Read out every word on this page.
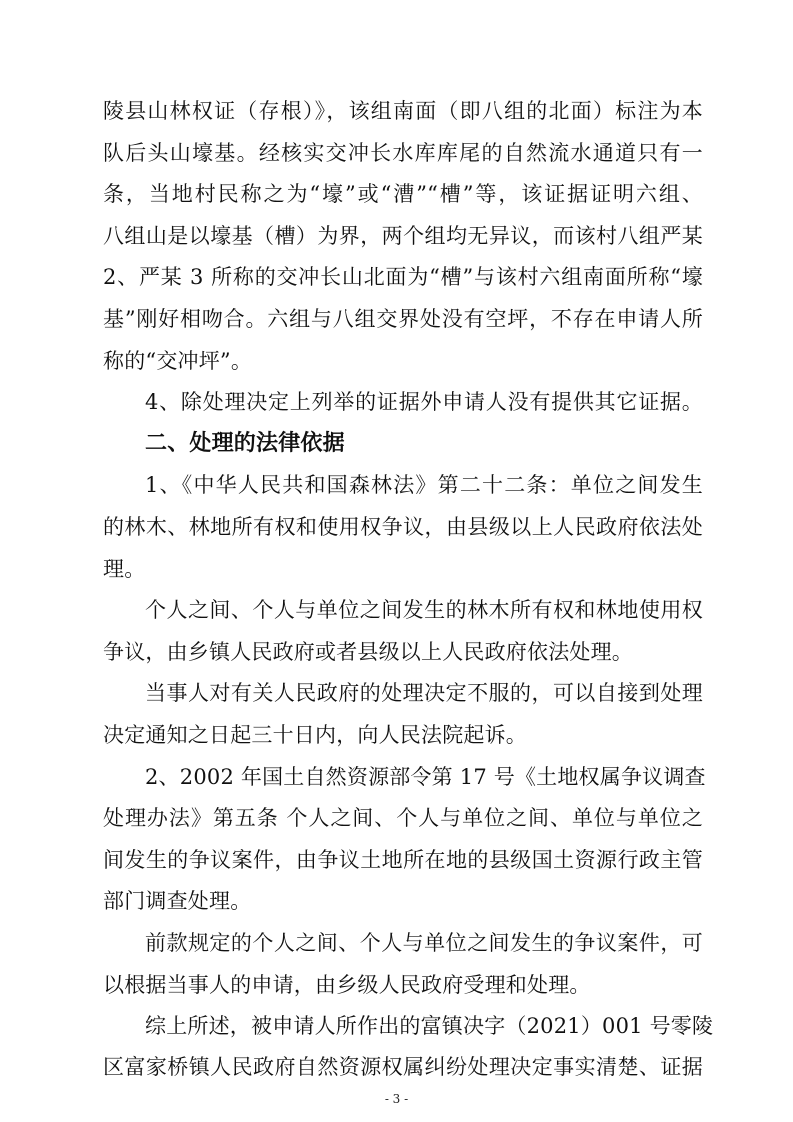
陵县山林权证（存根）》，该组南面（即八组的北面）标注为本
队后头山壕基。经核实交冲长水库库尾的自然流水通道只有一
条，当地村民称之为“壕”或“漕”“槽”等，该证据证明六组、
八组山是以壕基（槽）为界，两个组均无异议，而该村八组严某
2、严某 3 所称的交冲长山北面为“槽”与该村六组南面所称“壕
基”刚好相吻合。六组与八组交界处没有空坪，不存在申请人所
称的“交冲坪”。
4、除处理决定上列举的证据外申请人没有提供其它证据。
二、处理的法律依据
1、《中华人民共和国森林法》第二十二条：单位之间发生
的林木、林地所有权和使用权争议，由县级以上人民政府依法处
理。
个人之间、个人与单位之间发生的林木所有权和林地使用权
争议，由乡镇人民政府或者县级以上人民政府依法处理。
当事人对有关人民政府的处理决定不服的，可以自接到处理
决定通知之日起三十日内，向人民法院起诉。
2、2002 年国土自然资源部令第 17 号《土地权属争议调查
处理办法》第五条 个人之间、个人与单位之间、单位与单位之
间发生的争议案件，由争议土地所在地的县级国土资源行政主管
部门调查处理。
前款规定的个人之间、个人与单位之间发生的争议案件，可
以根据当事人的申请，由乡级人民政府受理和处理。
综上所述，被申请人所作出的富镇决字（2021）001 号零陵
区富家桥镇人民政府自然资源权属纠纷处理决定事实清楚、证据
- 3 -
